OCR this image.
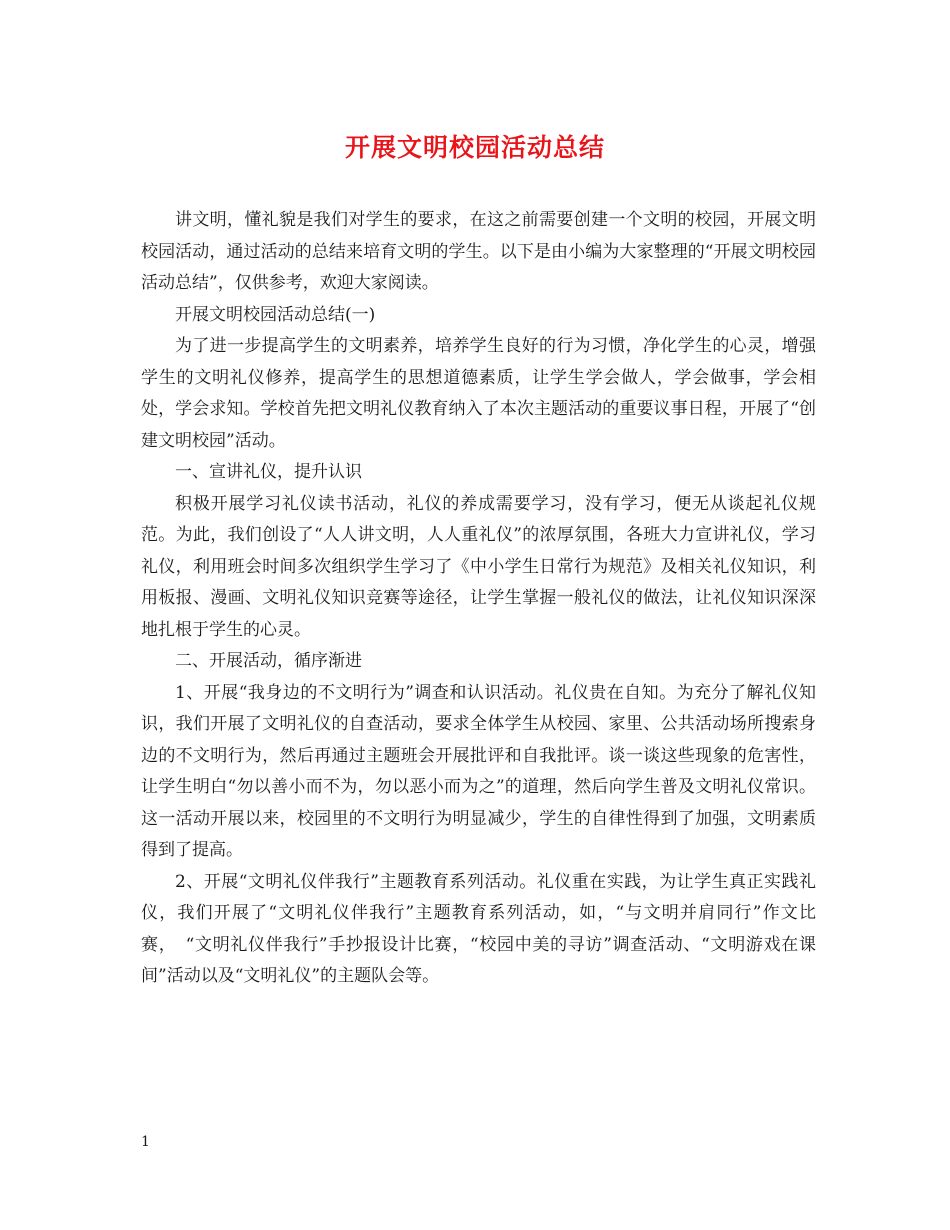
开展文明校园活动总结

讲文明，懂礼貌是我们对学生的要求，在这之前需要创建一个文明的校园，开展文明校园活动，通过活动的总结来培育文明的学生。以下是由小编为大家整理的“开展文明校园活动总结”，仅供参考，欢迎大家阅读。

开展文明校园活动总结(一)

为了进一步提高学生的文明素养，培养学生良好的行为习惯，净化学生的心灵，增强学生的文明礼仪修养，提高学生的思想道德素质，让学生学会做人，学会做事，学会相处，学会求知。学校首先把文明礼仪教育纳入了本次主题活动的重要议事日程，开展了“创建文明校园”活动。

一、宣讲礼仪，提升认识

积极开展学习礼仪读书活动，礼仪的养成需要学习，没有学习，便无从谈起礼仪规范。为此，我们创设了“人人讲文明，人人重礼仪”的浓厚氛围，各班大力宣讲礼仪，学习礼仪，利用班会时间多次组织学生学习了《中小学生日常行为规范》及相关礼仪知识，利用板报、漫画、文明礼仪知识竞赛等途径，让学生掌握一般礼仪的做法，让礼仪知识深深地扎根于学生的心灵。

二、开展活动，循序渐进

1、开展“我身边的不文明行为”调查和认识活动。礼仪贵在自知。为充分了解礼仪知识，我们开展了文明礼仪的自查活动，要求全体学生从校园、家里、公共活动场所搜索身边的不文明行为，然后再通过主题班会开展批评和自我批评。谈一谈这些现象的危害性，让学生明白“勿以善小而不为，勿以恶小而为之”的道理，然后向学生普及文明礼仪常识。这一活动开展以来，校园里的不文明行为明显减少，学生的自律性得到了加强，文明素质得到了提高。

2、开展“文明礼仪伴我行”主题教育系列活动。礼仪重在实践，为让学生真正实践礼仪，我们开展了“文明礼仪伴我行”主题教育系列活动，如，“与文明并肩同行”作文比赛，　“文明礼仪伴我行”手抄报设计比赛，“校园中美的寻访”调查活动、“文明游戏在课间”活动以及“文明礼仪”的主题队会等。

1
